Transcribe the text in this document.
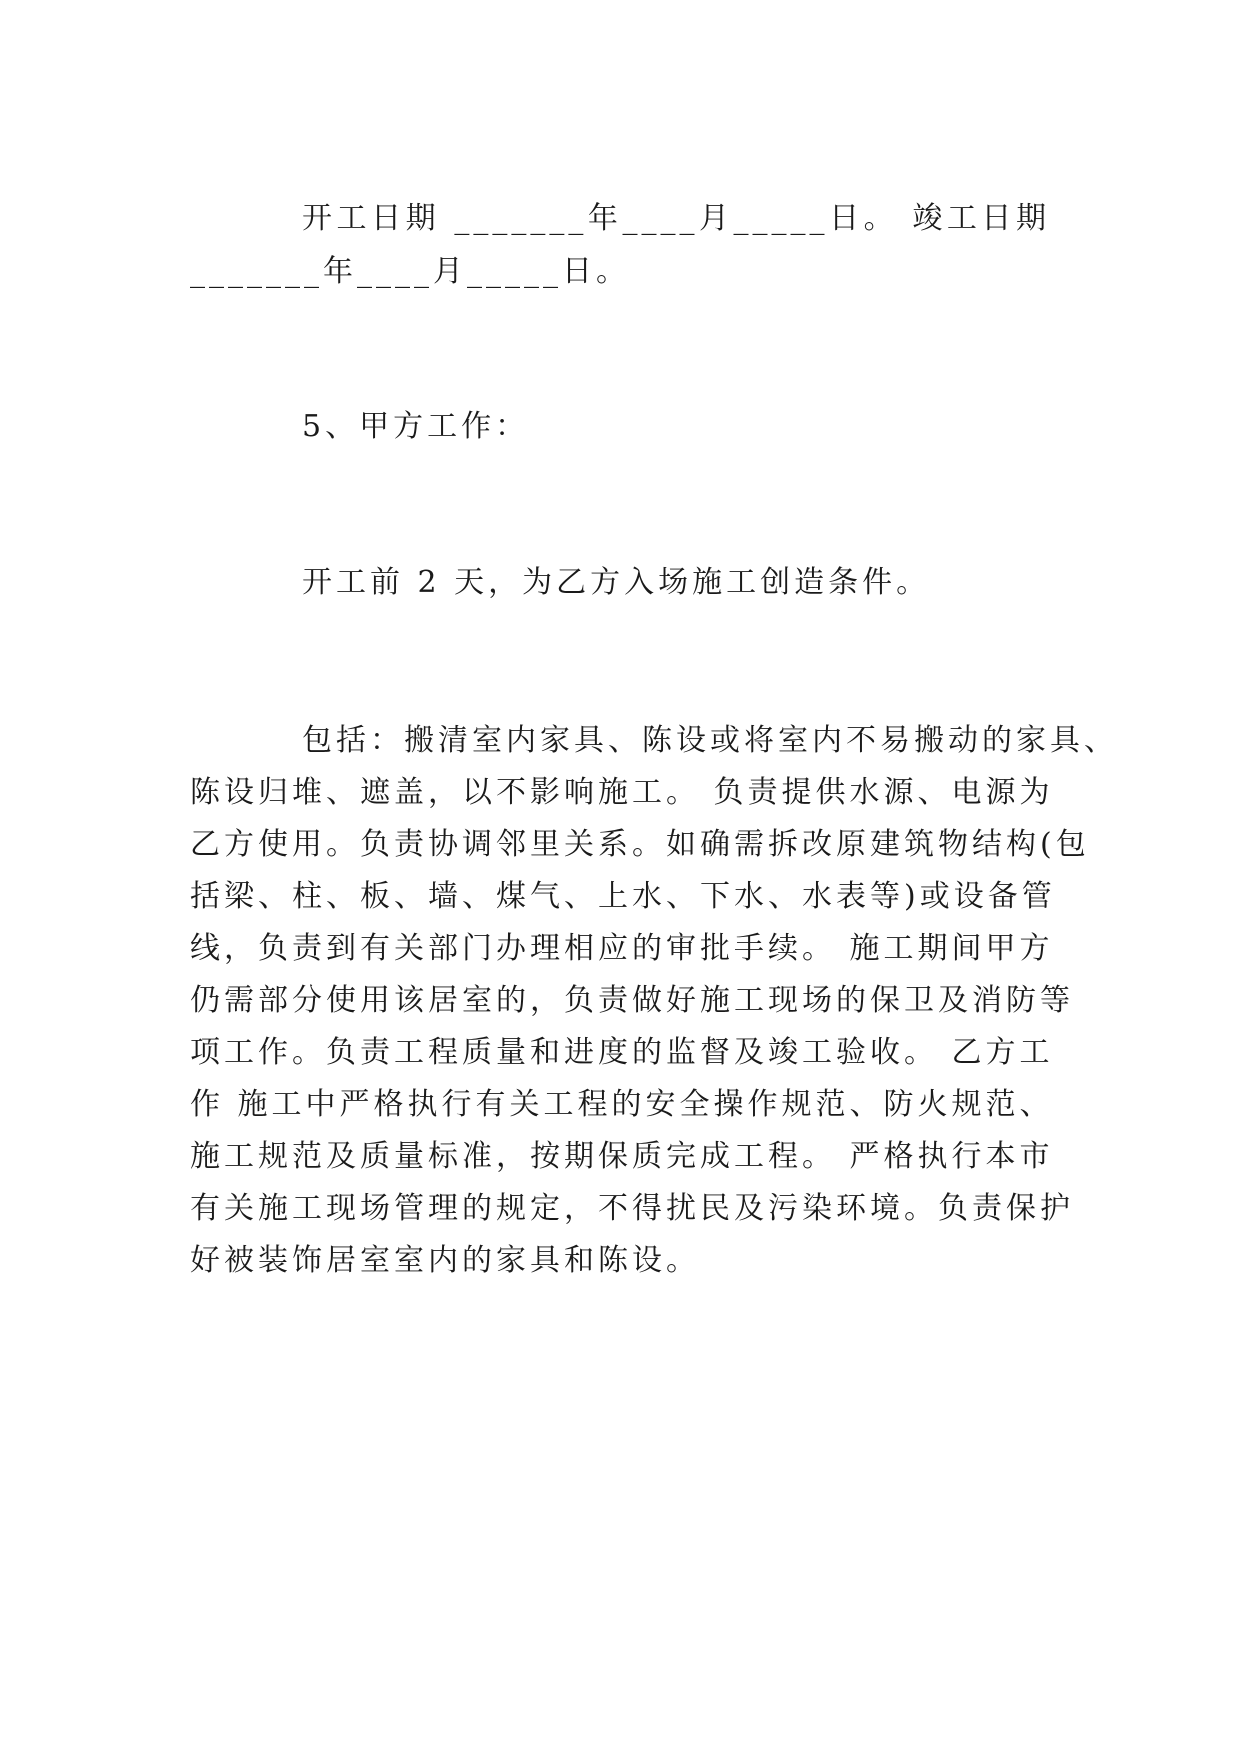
开工日期 _______年____月_____日。 竣工日期
_______年____月_____日。
5、甲方工作：
开工前 2 天，为乙方入场施工创造条件。
包括：搬清室内家具、陈设或将室内不易搬动的家具、
陈设归堆、遮盖，以不影响施工。 负责提供水源、电源为
乙方使用。负责协调邻里关系。如确需拆改原建筑物结构(包
括梁、柱、板、墙、煤气、上水、下水、水表等)或设备管
线，负责到有关部门办理相应的审批手续。 施工期间甲方
仍需部分使用该居室的，负责做好施工现场的保卫及消防等
项工作。负责工程质量和进度的监督及竣工验收。 乙方工
作 施工中严格执行有关工程的安全操作规范、防火规范、
施工规范及质量标准，按期保质完成工程。 严格执行本市
有关施工现场管理的规定，不得扰民及污染环境。负责保护
好被装饰居室室内的家具和陈设。
